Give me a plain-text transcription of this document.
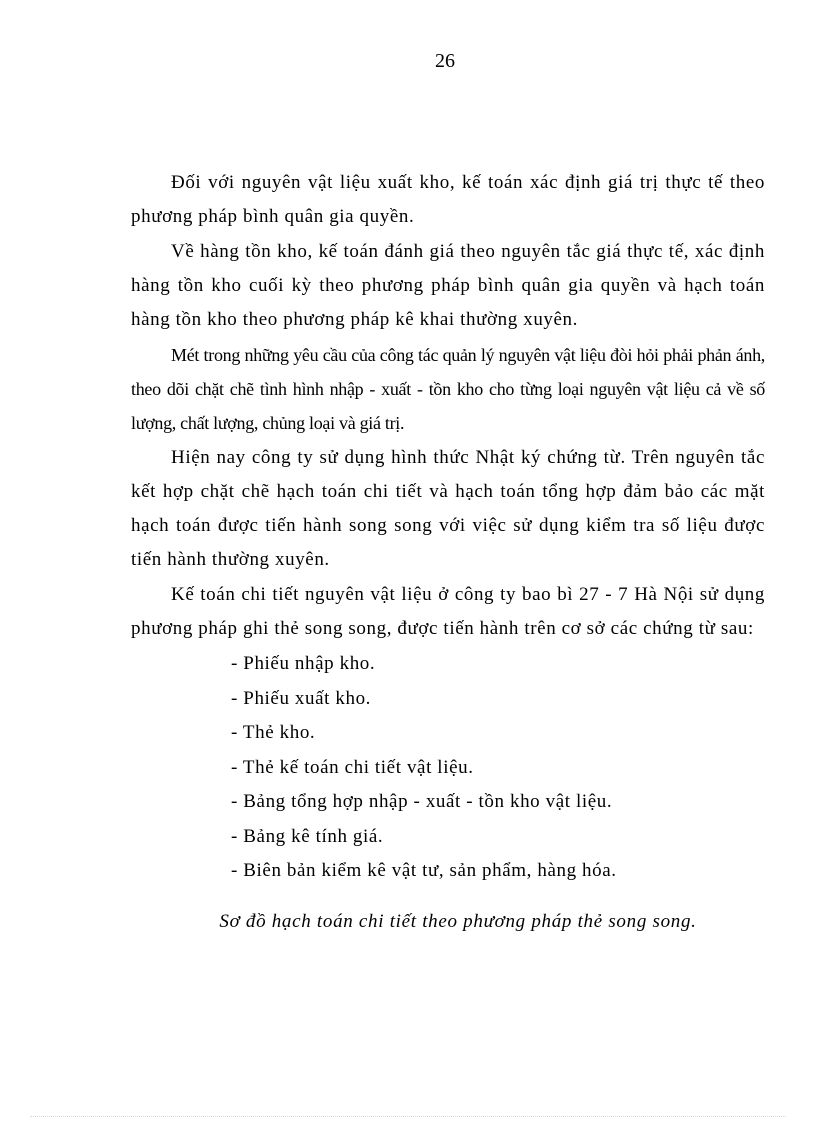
26

Đối với nguyên vật liệu xuất kho, kế toán xác định giá trị thực tế theo phương pháp bình quân gia quyền.

Về hàng tồn kho, kế toán đánh giá theo nguyên tắc giá thực tế, xác định hàng tồn kho cuối kỳ theo phương pháp bình quân gia quyền và hạch toán hàng tồn kho theo phương pháp kê khai thường xuyên.

Mét trong những yêu cầu của công tác quản lý nguyên vật liệu đòi hỏi phải phản ánh, theo dõi chặt chẽ tình hình nhập - xuất - tồn kho cho từng loại nguyên vật liệu cả về số lượng, chất lượng, chủng loại và giá trị.

Hiện nay công ty sử dụng hình thức Nhật ký chứng từ. Trên nguyên tắc kết hợp chặt chẽ hạch toán chi tiết và hạch toán tổng hợp đảm bảo các mặt hạch toán được tiến hành song song với việc sử dụng kiểm tra số liệu được tiến hành thường xuyên.

Kế toán chi tiết nguyên vật liệu ở công ty bao bì 27 - 7 Hà Nội sử dụng phương pháp ghi thẻ song song, được tiến hành trên cơ sở các chứng từ sau:

- Phiếu nhập kho.
- Phiếu xuất kho.
- Thẻ kho.
- Thẻ kế toán chi tiết vật liệu.
- Bảng tổng hợp nhập - xuất - tồn kho vật liệu.
- Bảng kê tính giá.
- Biên bản kiểm kê vật tư, sản phẩm, hàng hóa.
Sơ đồ hạch toán chi tiết theo phương pháp thẻ song song.
